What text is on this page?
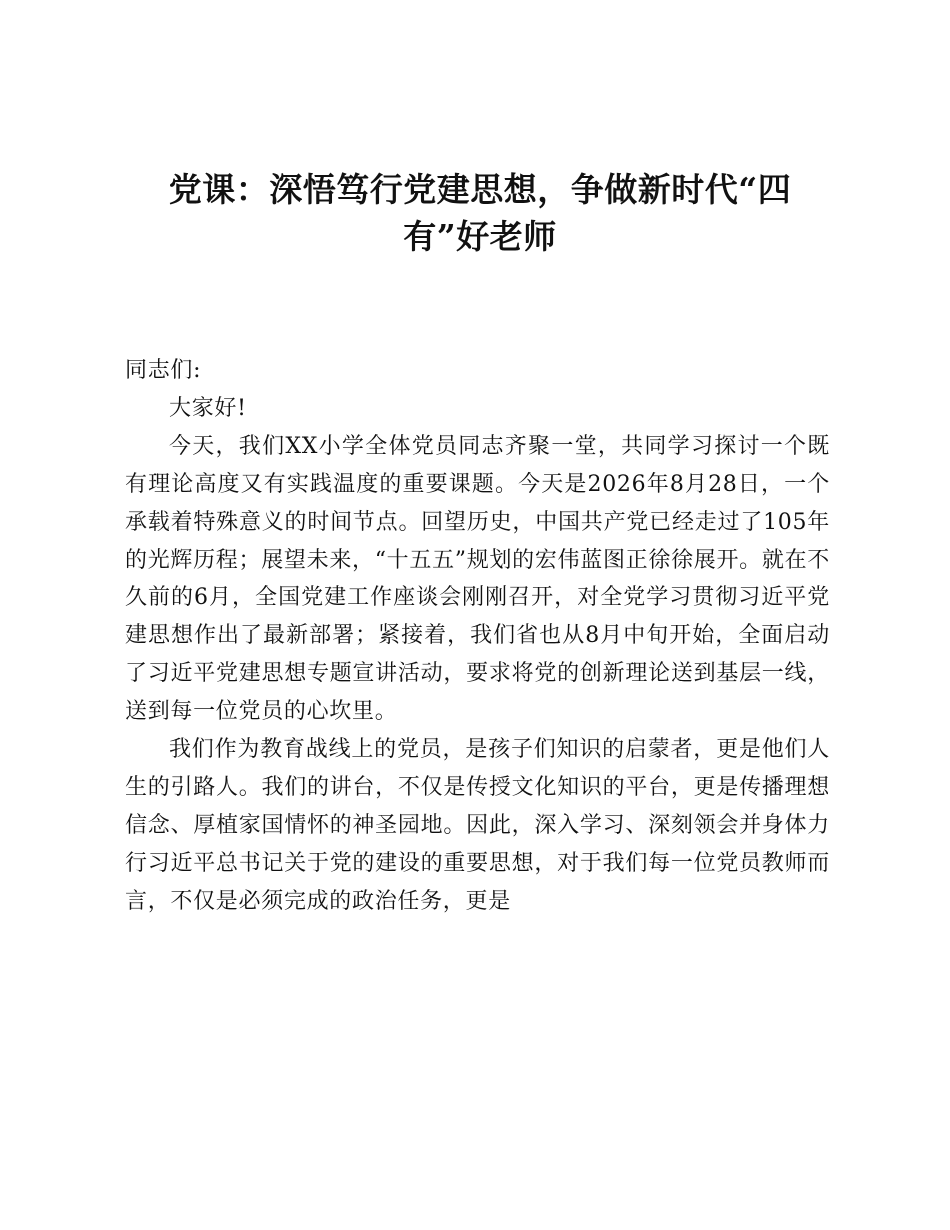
党课：深悟笃行党建思想，争做新时代“四有”好老师

同志们:

大家好!

今天，我们XX小学全体党员同志齐聚一堂，共同学习探讨一个既有理论高度又有实践温度的重要课题。今天是2026年8月28日，一个承载着特殊意义的时间节点。回望历史，中国共产党已经走过了105年的光辉历程；展望未来，“十五五”规划的宏伟蓝图正徐徐展开。就在不久前的6月，全国党建工作座谈会刚刚召开，对全党学习贯彻习近平党建思想作出了最新部署；紧接着，我们省也从8月中旬开始，全面启动了习近平党建思想专题宣讲活动，要求将党的创新理论送到基层一线，送到每一位党员的心坎里。

我们作为教育战线上的党员，是孩子们知识的启蒙者，更是他们人生的引路人。我们的讲台，不仅是传授文化知识的平台，更是传播理想信念、厚植家国情怀的神圣园地。因此，深入学习、深刻领会并身体力行习近平总书记关于党的建设的重要思想，对于我们每一位党员教师而言，不仅是必须完成的政治任务，更是
